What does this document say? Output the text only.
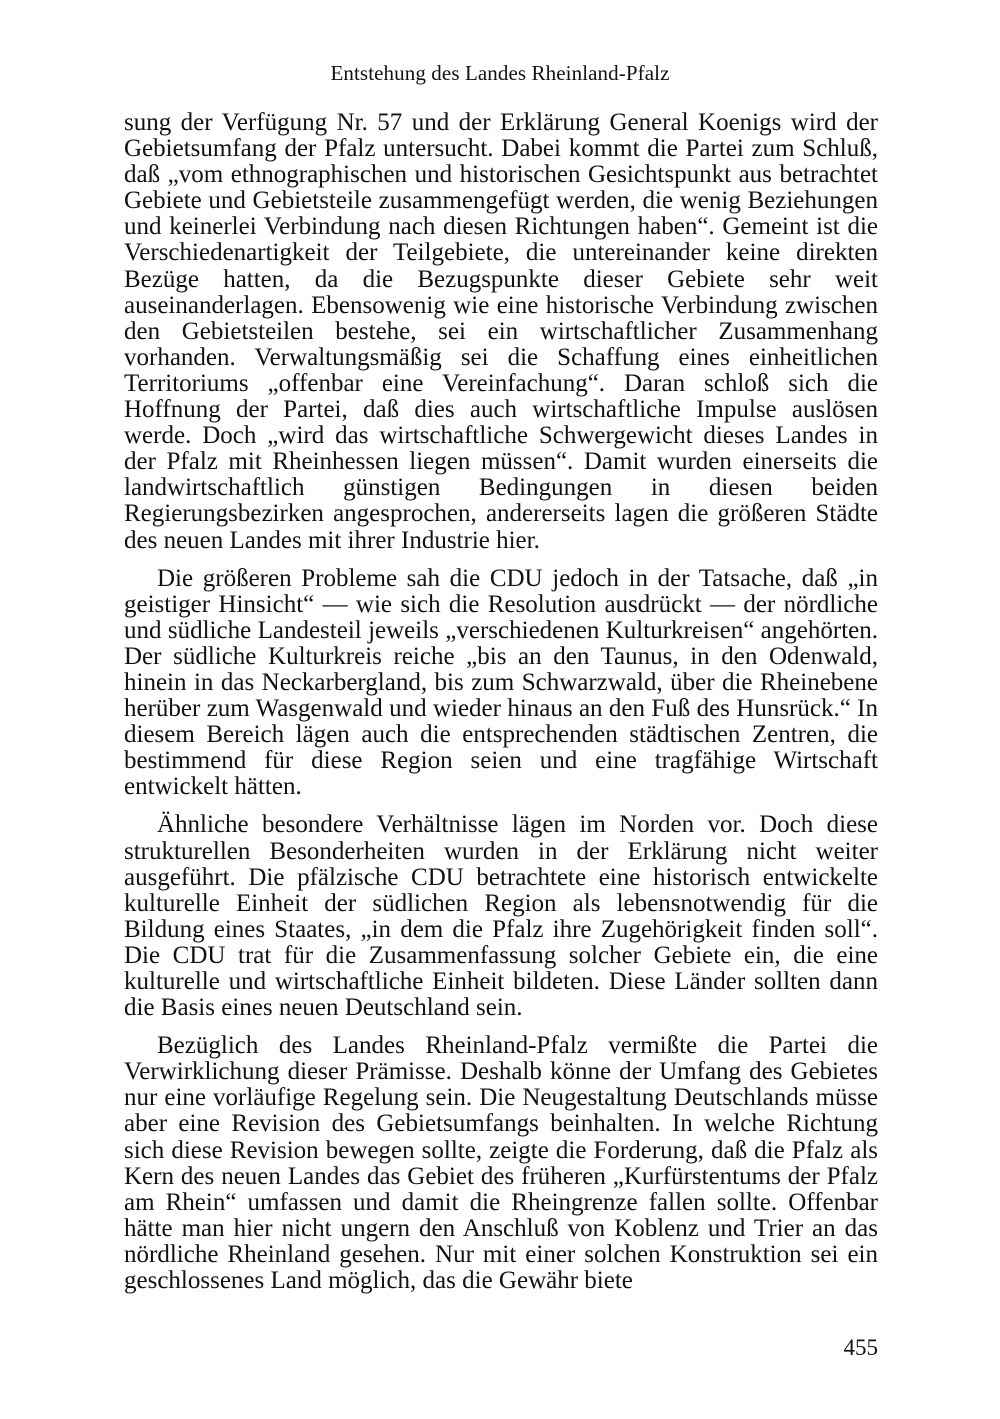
Entstehung des Landes Rheinland-Pfalz

sung der Verfügung Nr. 57 und der Erklärung General Koenigs wird der Gebietsumfang der Pfalz untersucht. Dabei kommt die Partei zum Schluß, daß „vom ethnographischen und historischen Gesichtspunkt aus betrachtet Gebiete und Gebietsteile zusammengefügt werden, die wenig Beziehungen und keinerlei Verbindung nach diesen Richtungen haben“. Gemeint ist die Verschiedenartigkeit der Teilgebiete, die untereinander keine direkten Bezüge hatten, da die Bezugspunkte dieser Gebiete sehr weit auseinanderlagen. Ebensowenig wie eine historische Verbindung zwischen den Gebietsteilen bestehe, sei ein wirtschaftlicher Zusammenhang vorhanden. Verwaltungsmäßig sei die Schaffung eines einheitlichen Territoriums „offenbar eine Vereinfachung“. Daran schloß sich die Hoffnung der Partei, daß dies auch wirtschaftliche Impulse auslösen werde. Doch „wird das wirtschaftliche Schwergewicht dieses Landes in der Pfalz mit Rheinhessen liegen müssen“. Damit wurden einerseits die landwirtschaftlich günstigen Bedingungen in diesen beiden Regierungsbezirken angesprochen, andererseits lagen die größeren Städte des neuen Landes mit ihrer Industrie hier.

Die größeren Probleme sah die CDU jedoch in der Tatsache, daß „in geistiger Hinsicht“ — wie sich die Resolution ausdrückt — der nördliche und südliche Landesteil jeweils „verschiedenen Kulturkreisen“ angehörten. Der südliche Kulturkreis reiche „bis an den Taunus, in den Odenwald, hinein in das Neckarbergland, bis zum Schwarzwald, über die Rheinebene herüber zum Wasgenwald und wieder hinaus an den Fuß des Hunsrück.“ In diesem Bereich lägen auch die entsprechenden städtischen Zentren, die bestimmend für diese Region seien und eine tragfähige Wirtschaft entwickelt hätten.

Ähnliche besondere Verhältnisse lägen im Norden vor. Doch diese strukturellen Besonderheiten wurden in der Erklärung nicht weiter ausgeführt. Die pfälzische CDU betrachtete eine historisch entwickelte kulturelle Einheit der südlichen Region als lebensnotwendig für die Bildung eines Staates, „in dem die Pfalz ihre Zugehörigkeit finden soll“. Die CDU trat für die Zusammenfassung solcher Gebiete ein, die eine kulturelle und wirtschaftliche Einheit bildeten. Diese Länder sollten dann die Basis eines neuen Deutschland sein.

Bezüglich des Landes Rheinland-Pfalz vermißte die Partei die Verwirklichung dieser Prämisse. Deshalb könne der Umfang des Gebietes nur eine vorläufige Regelung sein. Die Neugestaltung Deutschlands müsse aber eine Revision des Gebietsumfangs beinhalten. In welche Richtung sich diese Revision bewegen sollte, zeigte die Forderung, daß die Pfalz als Kern des neuen Landes das Gebiet des früheren „Kurfürstentums der Pfalz am Rhein“ umfassen und damit die Rheingrenze fallen sollte. Offenbar hätte man hier nicht ungern den Anschluß von Koblenz und Trier an das nördliche Rheinland gesehen. Nur mit einer solchen Konstruktion sei ein geschlossenes Land möglich, das die Gewähr biete

455
